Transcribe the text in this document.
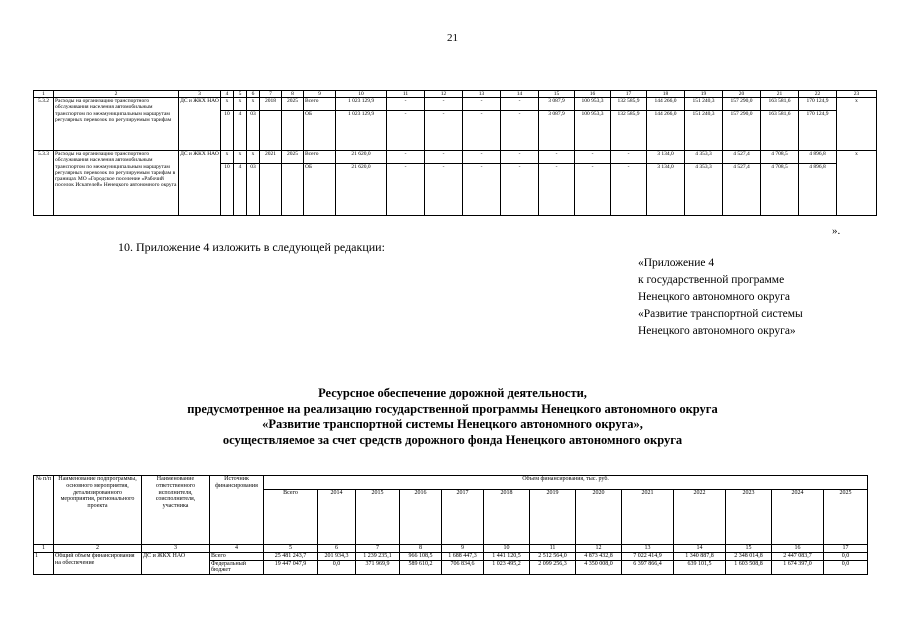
21
1	2	3	4	5	6	7	8	9	10	11	12	13	14	15	16	17	18	19	20	21	22	23
5.3.2	Расходы на организацию транспортного обслуживания населения автомобильным транспортом по межмуниципальным маршрутам регулярных перевозок по регулируемым тарифам	ДС и ЖКХ НАО	х	х	х	2018	2025	Всего	1 023 129,9	-	-	-	-	3 087,9	100 953,3	132 585,9	144 266,0	151 240,3	157 290,0	163 581,6	170 124,9	х
			10	4	03			ОБ	1 023 129,9	-	-	-	-	3 087,9	100 953,3	132 585,9	144 266,0	151 240,3	157 290,0	163 581,6	170 124,9	
5.3.3	Расходы на организацию транспортного обслуживания населения автомобильным транспортом по межмуниципальным маршрутам регулярных перевозок по регулируемым тарифам в границах МО «Городское поселение «Рабочий поселок Искателей» Ненецкого автономного округа	ДС и ЖКХ НАО	х	х	х	2021	2025	Всего	21 620,0	-	-	-	-	-	-	-	3 134,0	4 353,3	4 527,4	4 708,5	4 896,8	х
			10	4	03			ОБ	21 620,0	-	-	-	-	-	-	-	3 134,0	4 353,3	4 527,4	4 708,5	4 896,8	
».
10. Приложение 4 изложить в следующей редакции:
«Приложение 4
к государственной программе
Ненецкого автономного округа
«Развитие транспортной системы
Ненецкого автономного округа»
Ресурсное обеспечение дорожной деятельности,
предусмотренное на реализацию государственной программы Ненецкого автономного округа
«Развитие транспортной системы Ненецкого автономного округа»,
осуществляемое за счет средств дорожного фонда Ненецкого автономного округа
№ п/п	Наименование подпрограммы, основного мероприятия, детализированного мероприятия, регионального проекта	Наименование ответственного исполнителя, соисполнителя, участника	Источник финансирования	Объем финансирования, тыс. руб.												
				Всего	2014	2015	2016	2017	2018	2019	2020	2021	2022	2023	2024	2025
1	2	3	4	5	6	7	8	9	10	11	12	13	14	15	16	17
1	Общий объем финансирования на обеспечение	ДС и ЖКХ НАО	Всего	25 481 243,7	201 934,3	1 239 235,1	966 108,5	1 688 447,3	1 441 120,5	2 512 564,0	4 873 432,8	7 022 414,9	1 340 887,8	2 348 014,8	2 447 083,7	0,0
			Федеральный бюджет	19 447 047,9	0,0	371 969,9	589 610,2	706 834,6	1 023 495,2	2 099 256,3	4 350 008,0	6 397 866,4	639 101,5	1 603 508,8	1 674 397,0	0,0
